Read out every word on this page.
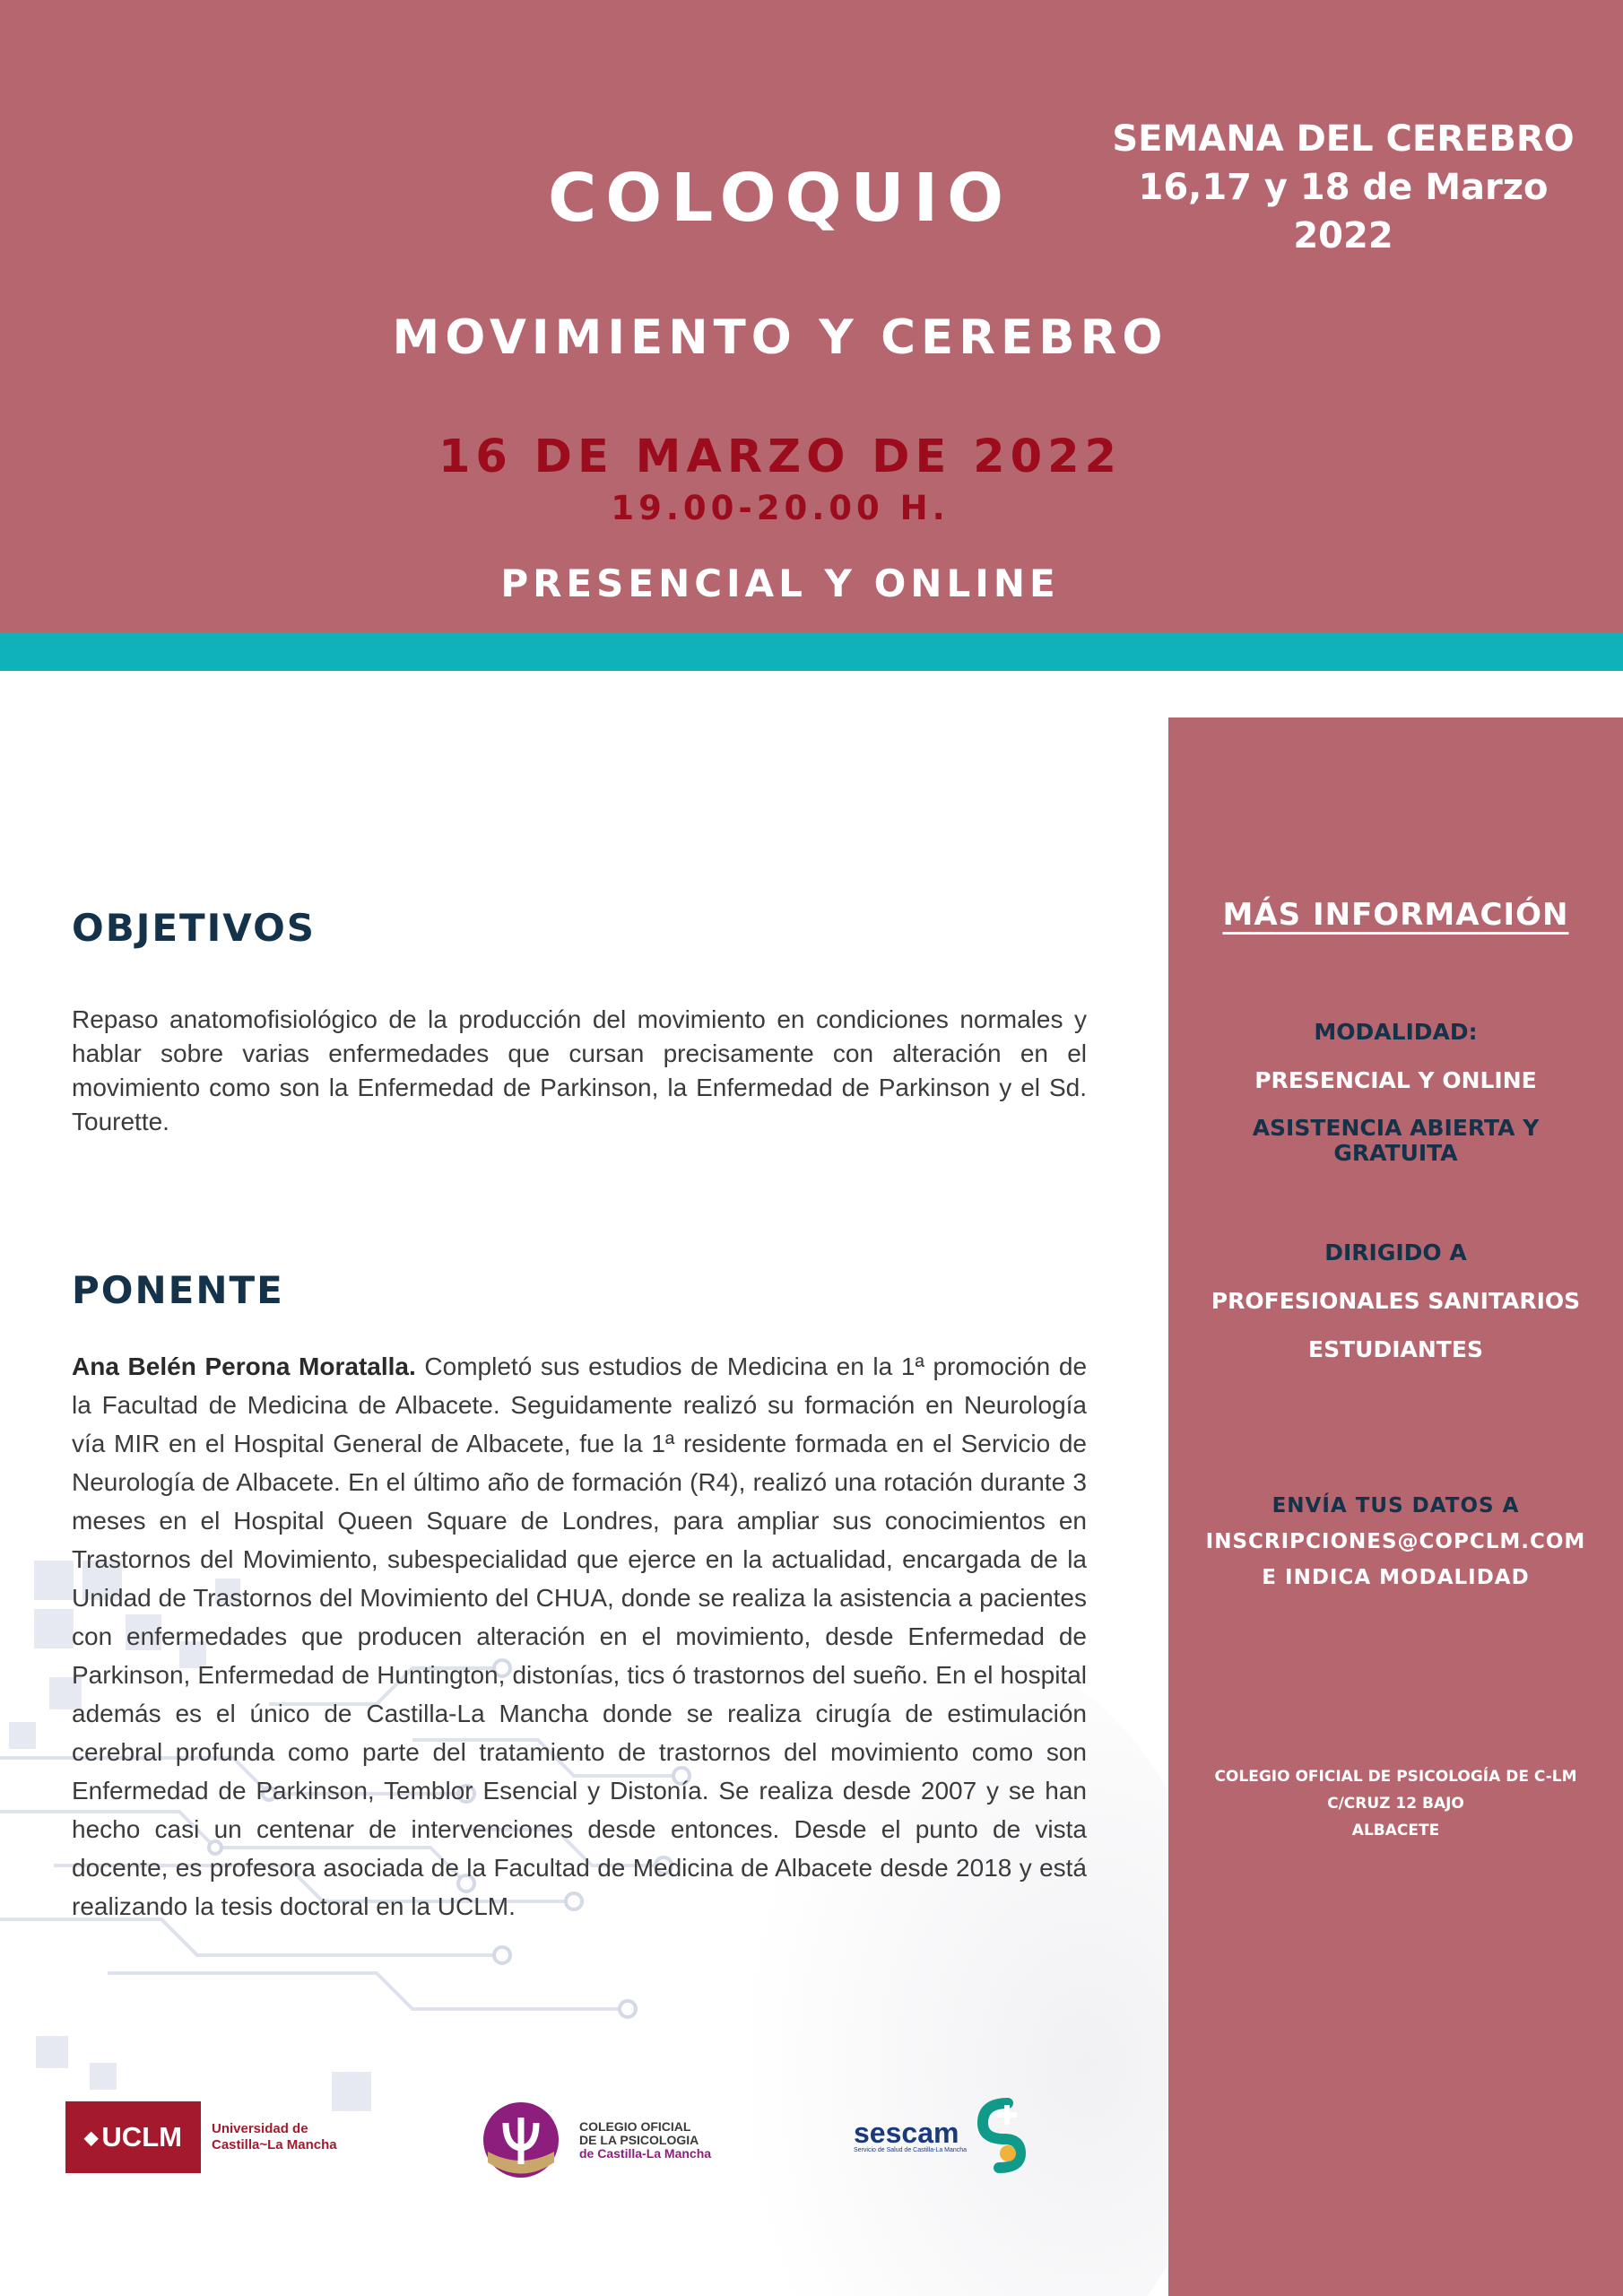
SEMANA DEL CEREBRO
16,17 y 18 de Marzo 2022
COLOQUIO
MOVIMIENTO Y CEREBRO
16 DE MARZO DE 2022
19.00-20.00 H.
PRESENCIAL Y ONLINE
MÁS INFORMACIÓN
MODALIDAD:
PRESENCIAL Y ONLINE
ASISTENCIA ABIERTA Y
GRATUITA
DIRIGIDO A
PROFESIONALES SANITARIOS
ESTUDIANTES
ENVÍA TUS DATOS A
INSCRIPCIONES@COPCLM.COM
E INDICA MODALIDAD
COLEGIO OFICIAL DE PSICOLOGÍA DE C-LM
C/CRUZ 12 BAJO
ALBACETE
OBJETIVOS
Repaso anatomofisiológico de la producción del movimiento en condiciones normales y hablar sobre varias enfermedades que cursan precisamente con alteración en el movimiento como son la Enfermedad de Parkinson, la Enfermedad de Parkinson y el Sd. Tourette.
PONENTE
Ana Belén Perona Moratalla. Completó sus estudios de Medicina en la 1ª promoción de la Facultad de Medicina de Albacete. Seguidamente realizó su formación en Neurología vía MIR en el Hospital General de Albacete, fue la 1ª residente formada en el Servicio de Neurología de Albacete. En el último año de formación (R4), realizó una rotación durante 3 meses en el Hospital Queen Square de Londres, para ampliar sus conocimientos en Trastornos del Movimiento, subespecialidad que ejerce en la actualidad, encargada de la Unidad de Trastornos del Movimiento del CHUA, donde se realiza la asistencia a pacientes con enfermedades que producen alteración en el movimiento, desde Enfermedad de Parkinson, Enfermedad de Huntington, distonías, tics ó trastornos del sueño. En el hospital además es el único de Castilla-La Mancha donde se realiza cirugía de estimulación cerebral profunda como parte del tratamiento de trastornos del movimiento como son Enfermedad de Parkinson, Temblor Esencial y Distonía. Se realiza desde 2007 y se han hecho casi un centenar de intervenciones desde entonces. Desde el punto de vista docente, es profesora asociada de la Facultad de Medicina de Albacete desde 2018 y está realizando la tesis doctoral en la UCLM.
◆ UCLM Universidad de
Castilla~La Mancha
COLEGIO OFICIAL
DE LA PSICOLOGIA
de Castilla-La Mancha
sescam
Servicio de Salud de Castilla-La Mancha
